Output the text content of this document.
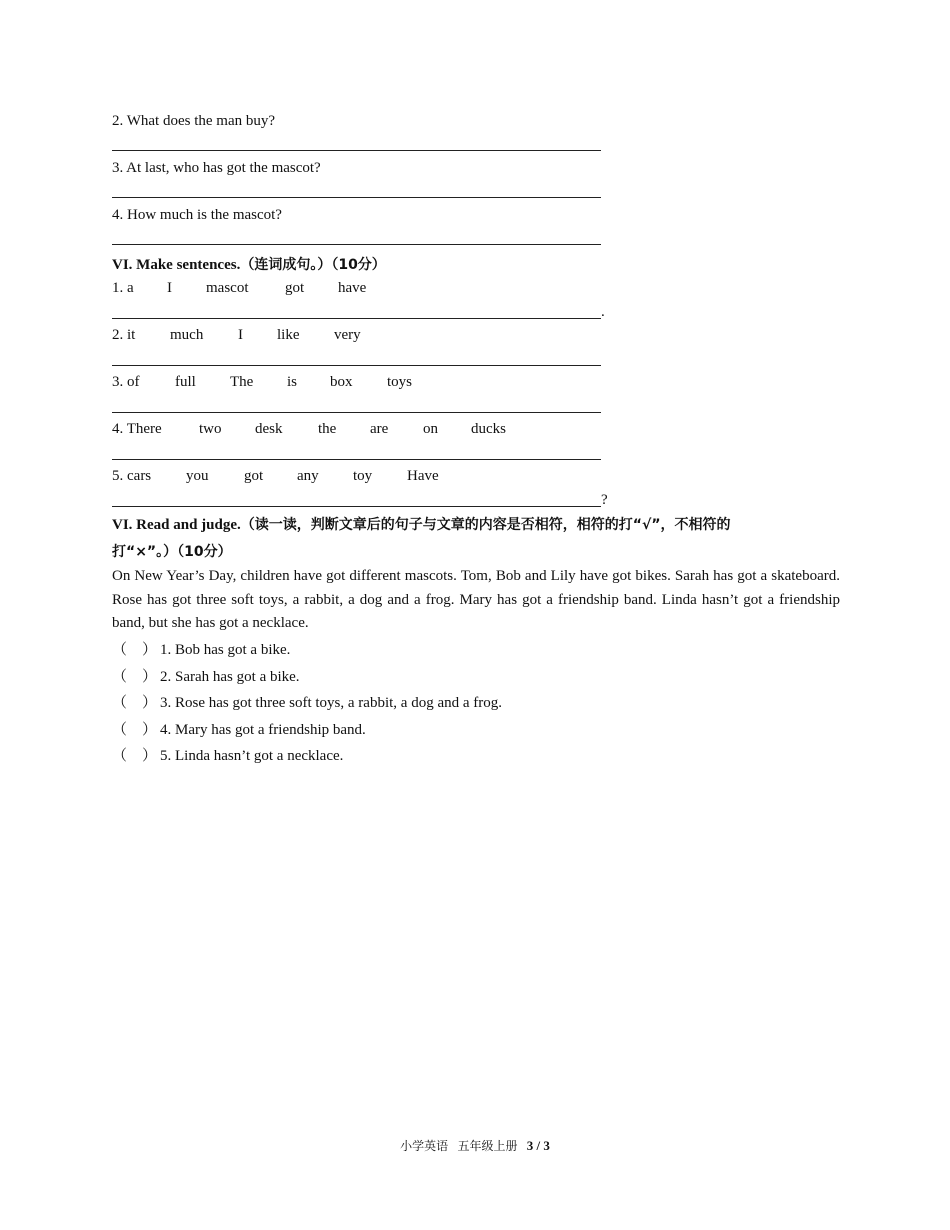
2. What does the man buy?
3. At last, who has got the mascot?
4. How much is the mascot?
VI. Make sentences.（连词成句。）（10分）
1. a I mascot got have
.
2. it much I like very
3. of full The is box toys
4. There two desk the are on ducks
5. cars you got any toy Have
?
VI. Read and judge.（读一读，判断文章后的句子与文章的内容是否相符，相符的打“√”，不相符的
打“×”。）（10分）
On New Year’s Day, children have got different mascots. Tom, Bob and Lily have got bikes. Sarah has got a skateboard. Rose has got three soft toys, a rabbit, a dog and a frog. Mary has got a friendship band. Linda hasn’t got a friendship band, but she has got a necklace.
（　） 1. Bob has got a bike.
（　） 2. Sarah has got a bike.
（　） 3. Rose has got three soft toys, a rabbit, a dog and a frog.
（　） 4. Mary has got a friendship band.
（　） 5. Linda hasn’t got a necklace.
小学英语 五年级上册 3 / 3
